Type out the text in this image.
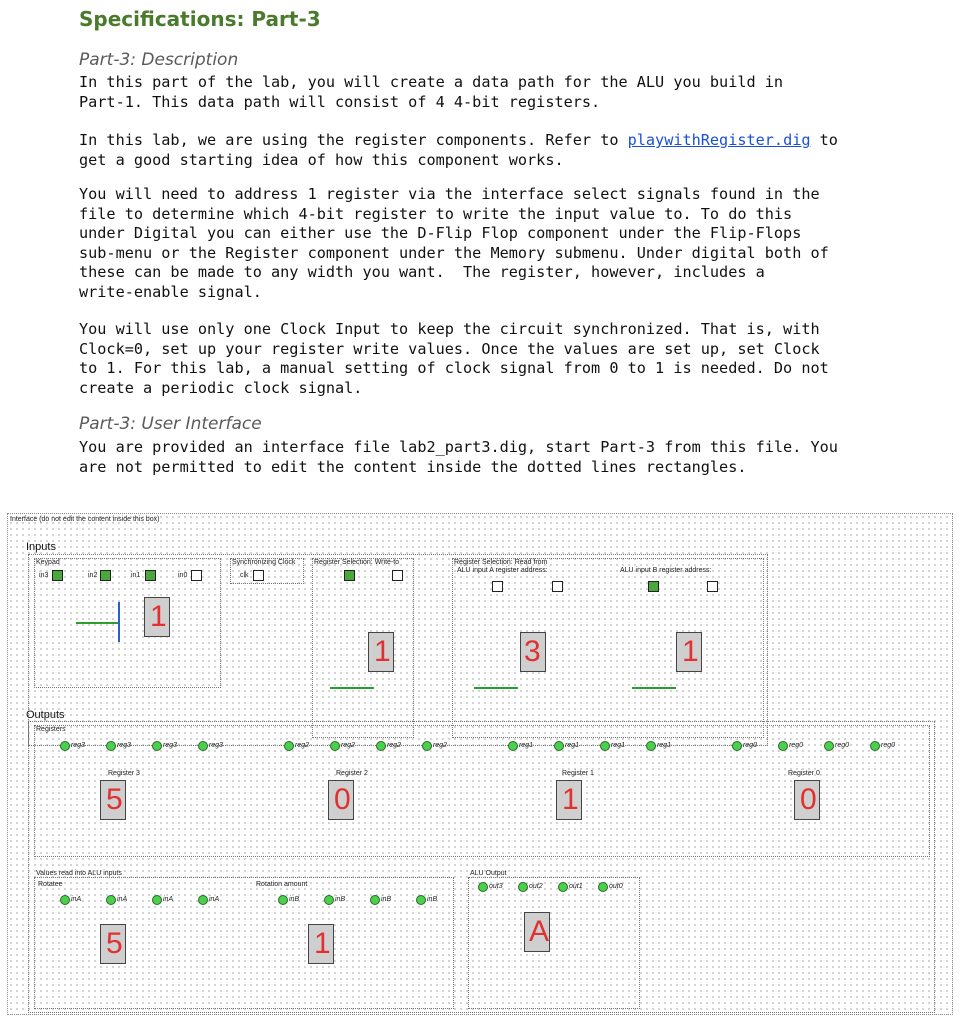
Specifications: Part-3
Part-3: Description
In this part of the lab, you will create a data path for the ALU you build in
Part-1. This data path will consist of 4 4-bit registers.
In this lab, we are using the register components. Refer to playwithRegister.dig to
get a good starting idea of how this component works.
You will need to address 1 register via the interface select signals found in the
file to determine which 4-bit register to write the input value to. To do this
under Digital you can either use the D-Flip Flop component under the Flip-Flops
sub-menu or the Register component under the Memory submenu. Under digital both of
these can be made to any width you want.  The register, however, includes a
write-enable signal.
You will use only one Clock Input to keep the circuit synchronized. That is, with
Clock=0, set up your register write values. Once the values are set up, set Clock
to 1. For this lab, a manual setting of clock signal from 0 to 1 is needed. Do not
create a periodic clock signal.
Part-3: User Interface
You are provided an interface file lab2_part3.dig, start Part-3 from this file. You
are not permitted to edit the content inside the dotted lines rectangles.
Interface (do not edit the content inside this box)
Inputs
Keypad
in3	in2	in1	in0
1
Synchronizing Clock
clk
Register Selection: Write-to
1
Register Selection: Read from
ALU input A register address:	ALU input B register address:
3	1
Outputs
Registers
reg3	reg3	reg3	reg3	reg2	reg2	reg2	reg2	reg1	reg1	reg1	reg1	reg0	reg0	reg0	reg0
Register 3
5
Register 2
0
Register 1
1
Register 0
0
Values read into ALU inputs
Rotatee	Rotation amount
inA	inA	inA	inA	inB	inB	inB	inB
5	1
ALU Output
out3	out2	out1	out0
A
